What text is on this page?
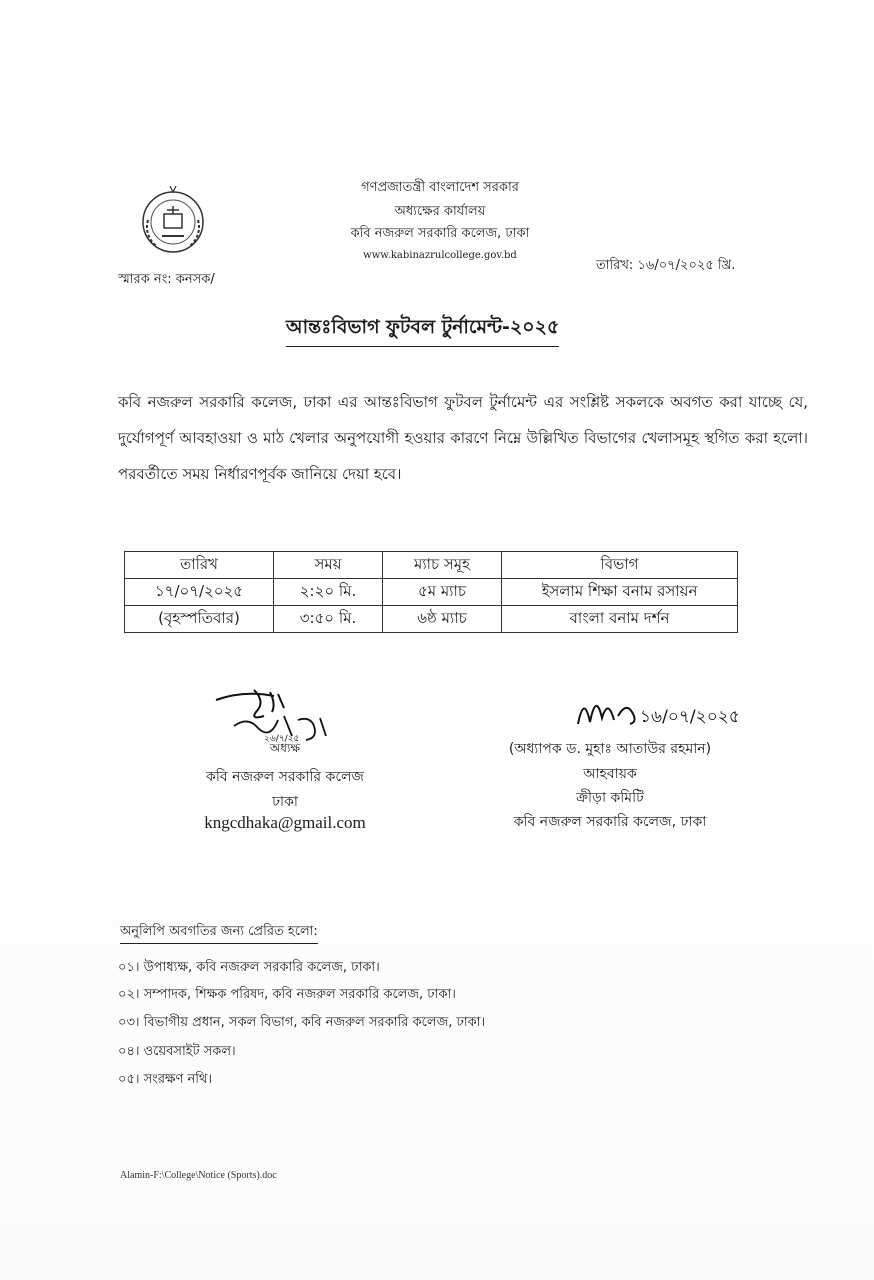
গণপ্রজাতন্ত্রী বাংলাদেশ সরকার
অধ্যক্ষের কার্যালয়
কবি নজরুল সরকারি কলেজ, ঢাকা
www.kabinazrulcollege.gov.bd
স্মারক নং: কনসক/
তারিখ: ১৬/০৭/২০২৫ খ্রি.
আন্তঃবিভাগ ফুটবল টুর্নামেন্ট-২০২৫
কবি নজরুল সরকারি কলেজ, ঢাকা এর আন্তঃবিভাগ ফুটবল টুর্নামেন্ট এর সংশ্লিষ্ট সকলকে অবগত করা যাচ্ছে যে, দুর্যোগপূর্ণ আবহাওয়া ও মাঠ খেলার অনুপযোগী হওয়ার কারণে নিম্নে উল্লিখিত বিভাগের খেলাসমূহ স্থগিত করা হলো। পরবর্তীতে সময় নির্ধারণপূর্বক জানিয়ে দেয়া হবে।
তারিখ	সময়	ম্যাচ সমূহ	বিভাগ
১৭/০৭/২০২৫	২:২০ মি.	৫ম ম্যাচ	ইসলাম শিক্ষা বনাম রসায়ন
(বৃহস্পতিবার)	৩:৫০ মি.	৬ষ্ঠ ম্যাচ	বাংলা বনাম দর্শন
২৬/৭/২৫
অধ্যক্ষ
কবি নজরুল সরকারি কলেজ
ঢাকা
kngcdhaka@gmail.com
১৬/০৭/২০২৫
(অধ্যাপক ড. মুহাঃ আতাউর রহমান)
আহবায়ক
ক্রীড়া কমিটি
কবি নজরুল সরকারি কলেজ, ঢাকা
অনুলিপি অবগতির জন্য প্রেরিত হলো:
০১। উপাধ্যক্ষ, কবি নজরুল সরকারি কলেজ, ঢাকা।
০২। সম্পাদক, শিক্ষক পরিষদ, কবি নজরুল সরকারি কলেজ, ঢাকা।
০৩। বিভাগীয় প্রধান, সকল বিভাগ, কবি নজরুল সরকারি কলেজ, ঢাকা।
০৪। ওয়েবসাইট সকল।
০৫। সংরক্ষণ নথি।
Alamin-F:\College\Notice (Sports).doc
